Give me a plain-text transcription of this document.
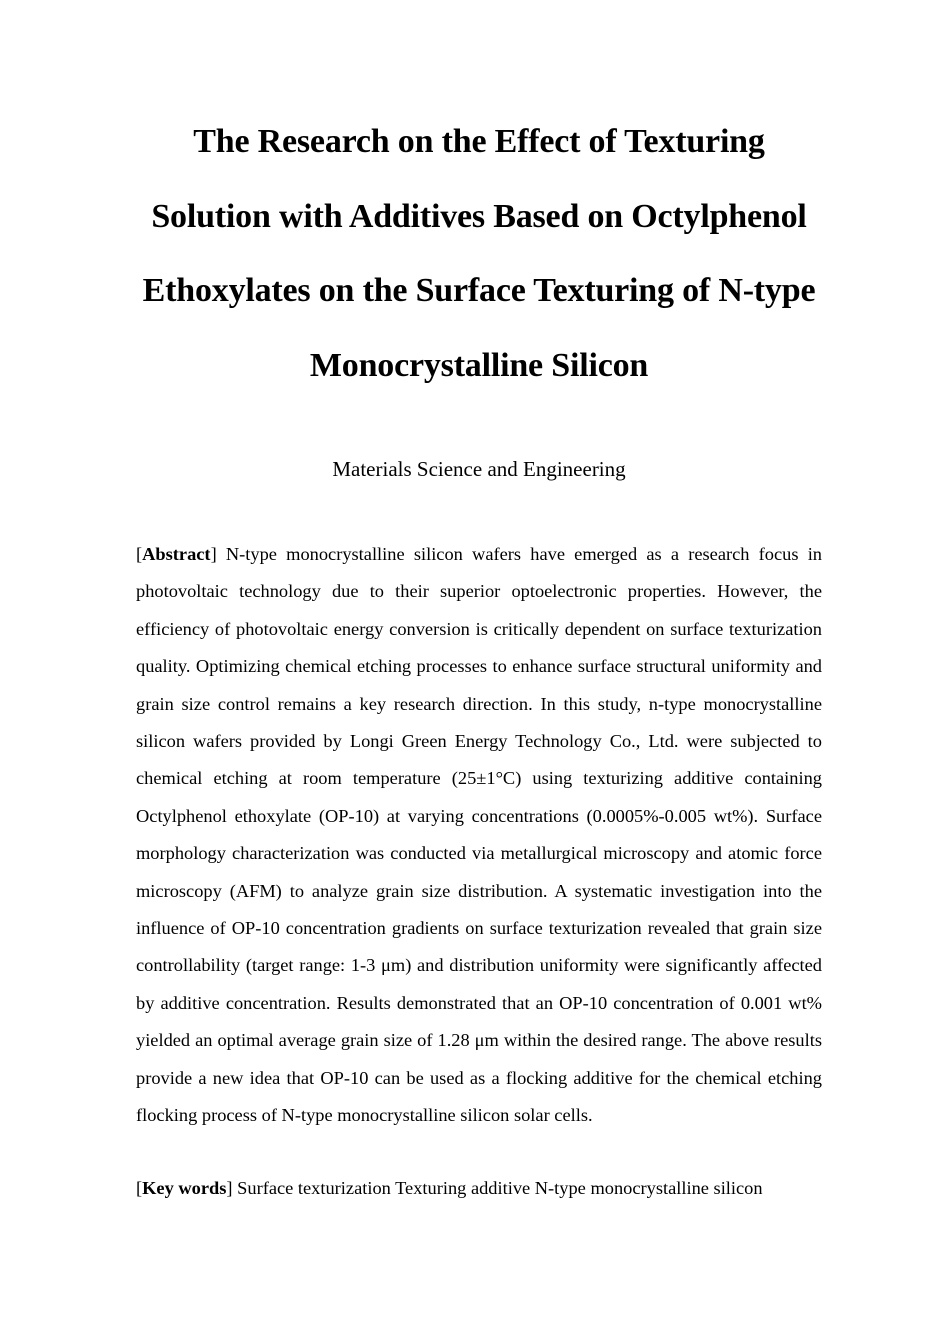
The Research on the Effect of Texturing Solution with Additives Based on Octylphenol Ethoxylates on the Surface Texturing of N-type Monocrystalline Silicon
Materials Science and Engineering

[Abstract] N-type monocrystalline silicon wafers have emerged as a research focus in photovoltaic technology due to their superior optoelectronic properties. However, the efficiency of photovoltaic energy conversion is critically dependent on surface texturization quality. Optimizing chemical etching processes to enhance surface structural uniformity and grain size control remains a key research direction. In this study, n-type monocrystalline silicon wafers provided by Longi Green Energy Technology Co., Ltd. were subjected to chemical etching at room temperature (25±1°C) using texturizing additive containing Octylphenol ethoxylate (OP-10) at varying concentrations (0.0005%-0.005 wt%). Surface morphology characterization was conducted via metallurgical microscopy and atomic force microscopy (AFM) to analyze grain size distribution. A systematic investigation into the influence of OP-10 concentration gradients on surface texturization revealed that grain size controllability (target range: 1-3 μm) and distribution uniformity were significantly affected by additive concentration. Results demonstrated that an OP-10 concentration of 0.001 wt% yielded an optimal average grain size of 1.28 μm within the desired range. The above results provide a new idea that OP-10 can be used as a flocking additive for the chemical etching flocking process of N-type monocrystalline silicon solar cells.

[Key words] Surface texturization Texturing additive N-type monocrystalline silicon
